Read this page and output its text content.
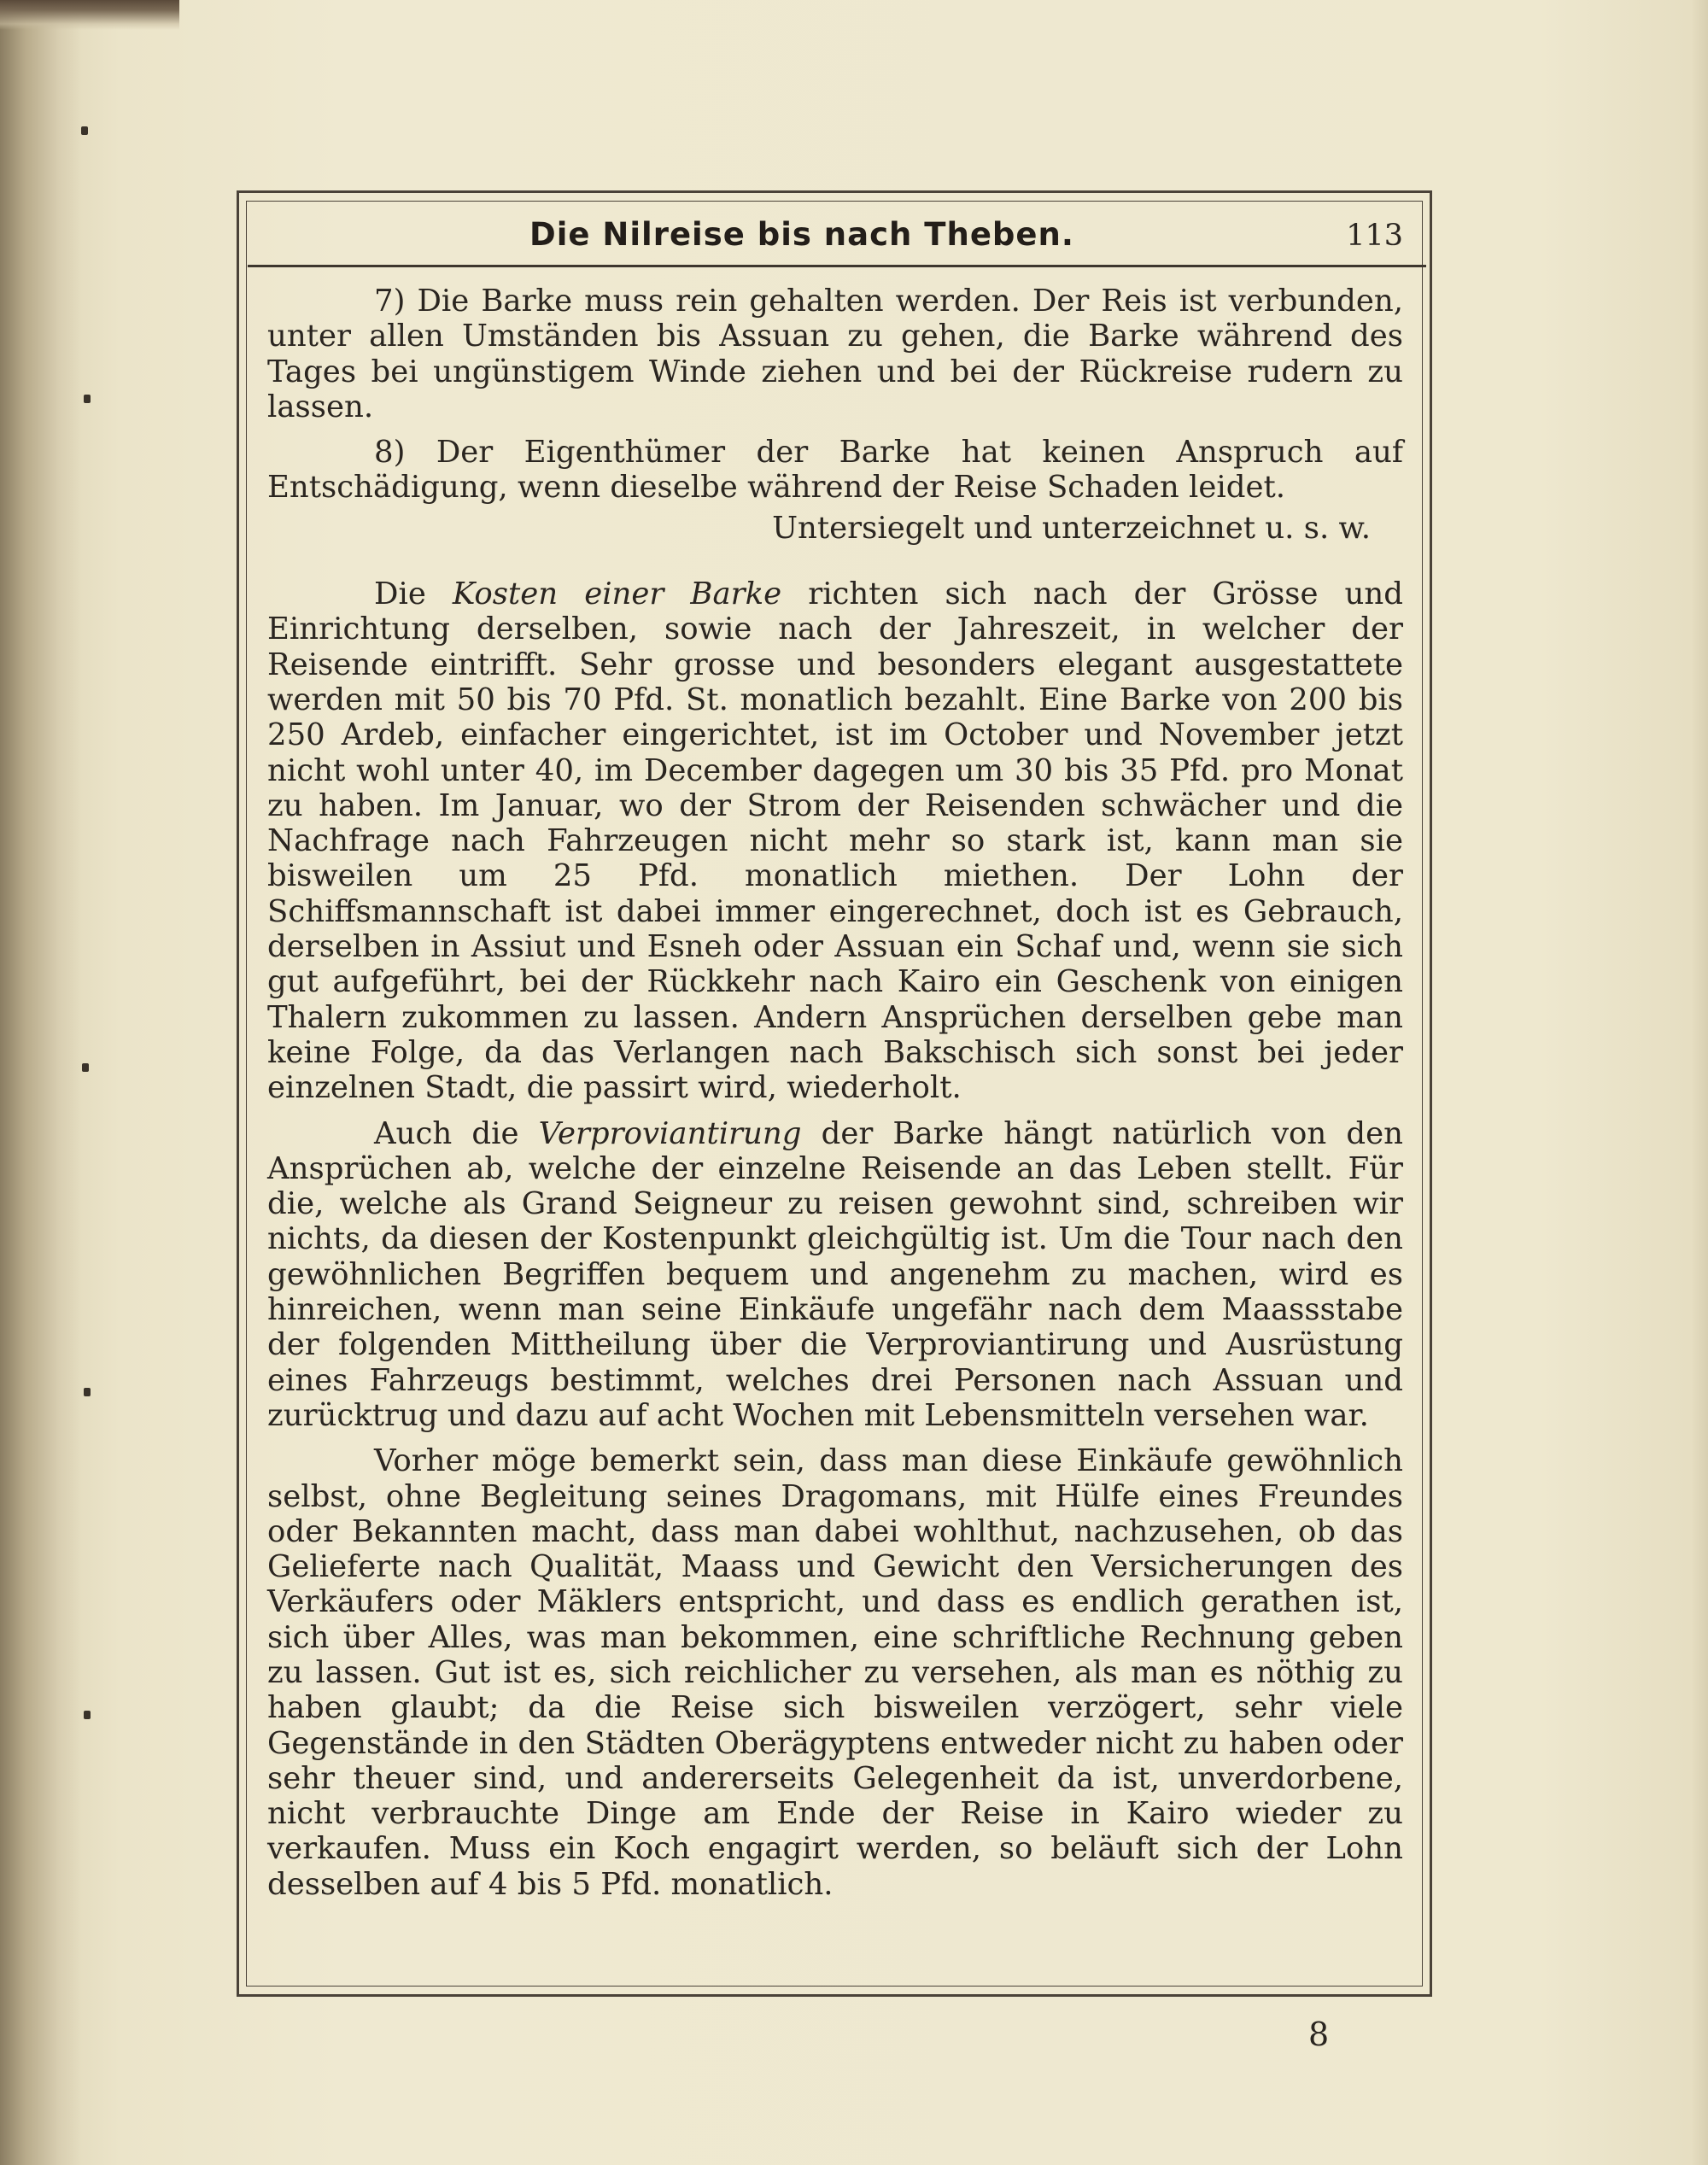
Die Nilreise bis nach Theben.	113

7) Die Barke muss rein gehalten werden. Der Reis ist verbunden, unter allen Umständen bis Assuan zu gehen, die Barke während des Tages bei ungünstigem Winde ziehen und bei der Rückreise rudern zu lassen.

8) Der Eigenthümer der Barke hat keinen Anspruch auf Entschädigung, wenn dieselbe während der Reise Schaden leidet.

Untersiegelt und unterzeichnet u. s. w.

Die Kosten einer Barke richten sich nach der Grösse und Einrichtung derselben, sowie nach der Jahreszeit, in welcher der Reisende eintrifft. Sehr grosse und besonders elegant ausgestattete werden mit 50 bis 70 Pfd. St. monatlich bezahlt. Eine Barke von 200 bis 250 Ardeb, einfacher eingerichtet, ist im October und November jetzt nicht wohl unter 40, im December dagegen um 30 bis 35 Pfd. pro Monat zu haben. Im Januar, wo der Strom der Reisenden schwächer und die Nachfrage nach Fahrzeugen nicht mehr so stark ist, kann man sie bisweilen um 25 Pfd. monatlich miethen. Der Lohn der Schiffsmannschaft ist dabei immer eingerechnet, doch ist es Gebrauch, derselben in Assiut und Esneh oder Assuan ein Schaf und, wenn sie sich gut aufgeführt, bei der Rückkehr nach Kairo ein Geschenk von einigen Thalern zukommen zu lassen. Andern Ansprüchen derselben gebe man keine Folge, da das Verlangen nach Bakschisch sich sonst bei jeder einzelnen Stadt, die passirt wird, wiederholt.

Auch die Verproviantirung der Barke hängt natürlich von den Ansprüchen ab, welche der einzelne Reisende an das Leben stellt. Für die, welche als Grand Seigneur zu reisen gewohnt sind, schreiben wir nichts, da diesen der Kostenpunkt gleichgültig ist. Um die Tour nach den gewöhnlichen Begriffen bequem und angenehm zu machen, wird es hinreichen, wenn man seine Einkäufe ungefähr nach dem Maassstabe der folgenden Mittheilung über die Verproviantirung und Ausrüstung eines Fahrzeugs bestimmt, welches drei Personen nach Assuan und zurücktrug und dazu auf acht Wochen mit Lebensmitteln versehen war.

Vorher möge bemerkt sein, dass man diese Einkäufe gewöhnlich selbst, ohne Begleitung seines Dragomans, mit Hülfe eines Freundes oder Bekannten macht, dass man dabei wohlthut, nachzusehen, ob das Gelieferte nach Qualität, Maass und Gewicht den Versicherungen des Verkäufers oder Mäklers entspricht, und dass es endlich gerathen ist, sich über Alles, was man bekommen, eine schriftliche Rechnung geben zu lassen. Gut ist es, sich reichlicher zu versehen, als man es nöthig zu haben glaubt; da die Reise sich bisweilen verzögert, sehr viele Gegenstände in den Städten Oberägyptens entweder nicht zu haben oder sehr theuer sind, und andererseits Gelegenheit da ist, unverdorbene, nicht verbrauchte Dinge am Ende der Reise in Kairo wieder zu verkaufen. Muss ein Koch engagirt werden, so beläuft sich der Lohn desselben auf 4 bis 5 Pfd. monatlich.

8
